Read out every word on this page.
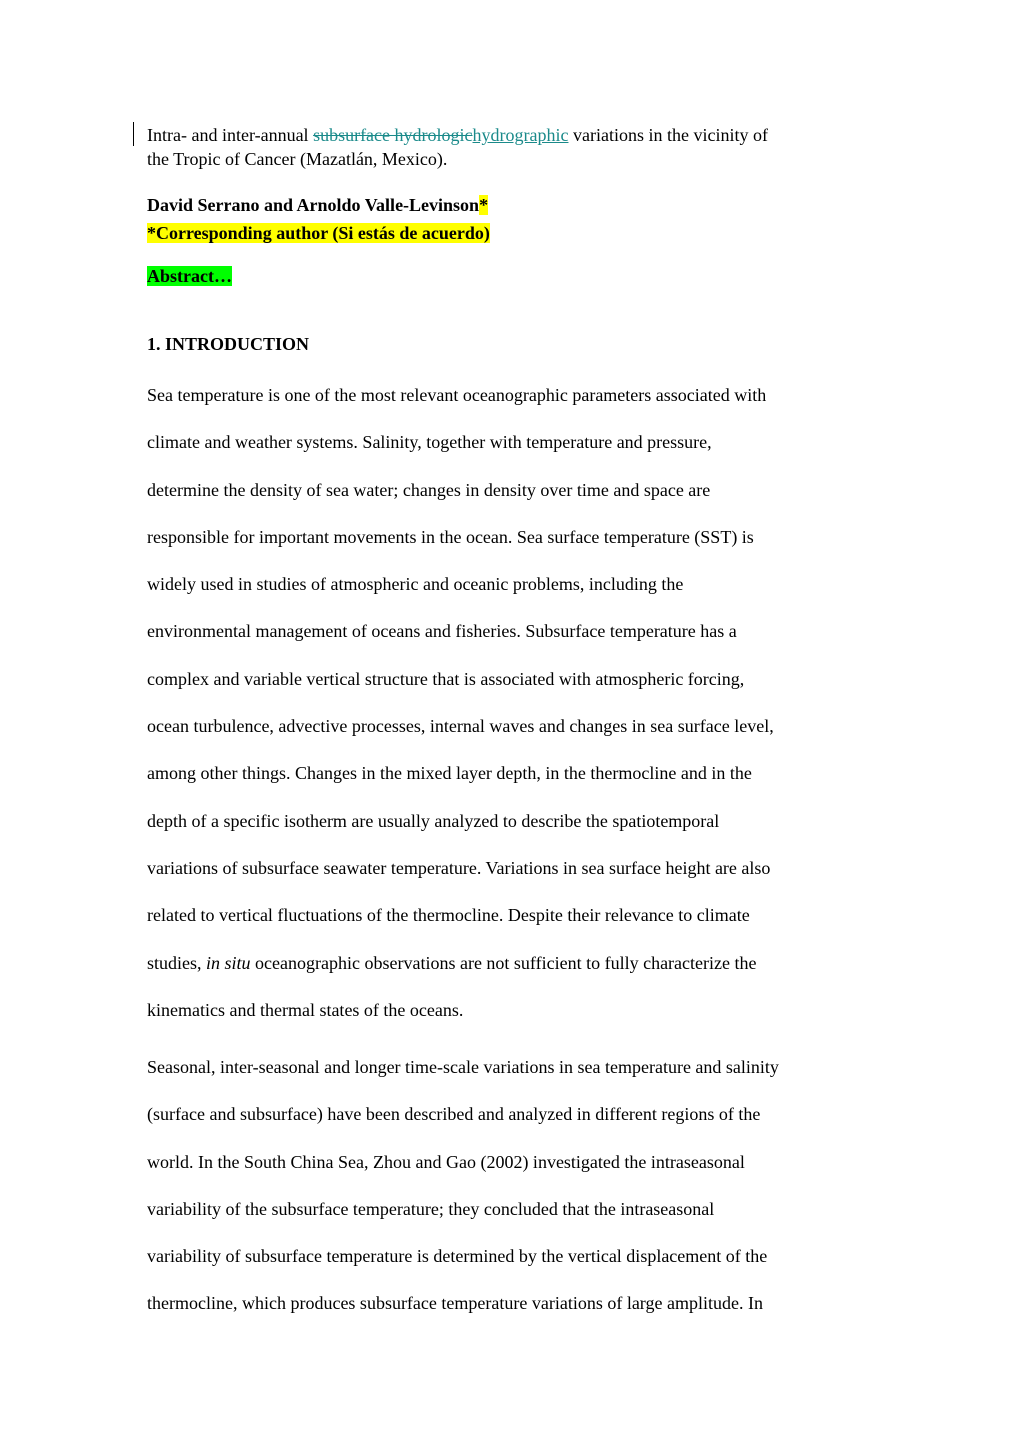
Intra- and inter-annual subsurface hydrologichydrographic variations in the vicinity of
the Tropic of Cancer (Mazatlán, Mexico).
David Serrano and Arnoldo Valle-Levinson*
*Corresponding author (Si estás de acuerdo)
Abstract…
1. INTRODUCTION
Sea temperature is one of the most relevant oceanographic parameters associated with
climate and weather systems. Salinity, together with temperature and pressure,
determine the density of sea water; changes in density over time and space are
responsible for important movements in the ocean. Sea surface temperature (SST) is
widely used in studies of atmospheric and oceanic problems, including the
environmental management of oceans and fisheries. Subsurface temperature has a
complex and variable vertical structure that is associated with atmospheric forcing,
ocean turbulence, advective processes, internal waves and changes in sea surface level,
among other things. Changes in the mixed layer depth, in the thermocline and in the
depth of a specific isotherm are usually analyzed to describe the spatiotemporal
variations of subsurface seawater temperature. Variations in sea surface height are also
related to vertical fluctuations of the thermocline. Despite their relevance to climate
studies, in situ oceanographic observations are not sufficient to fully characterize the
kinematics and thermal states of the oceans.
Seasonal, inter-seasonal and longer time-scale variations in sea temperature and salinity
(surface and subsurface) have been described and analyzed in different regions of the
world. In the South China Sea, Zhou and Gao (2002) investigated the intraseasonal
variability of the subsurface temperature; they concluded that the intraseasonal
variability of subsurface temperature is determined by the vertical displacement of the
thermocline, which produces subsurface temperature variations of large amplitude. In
